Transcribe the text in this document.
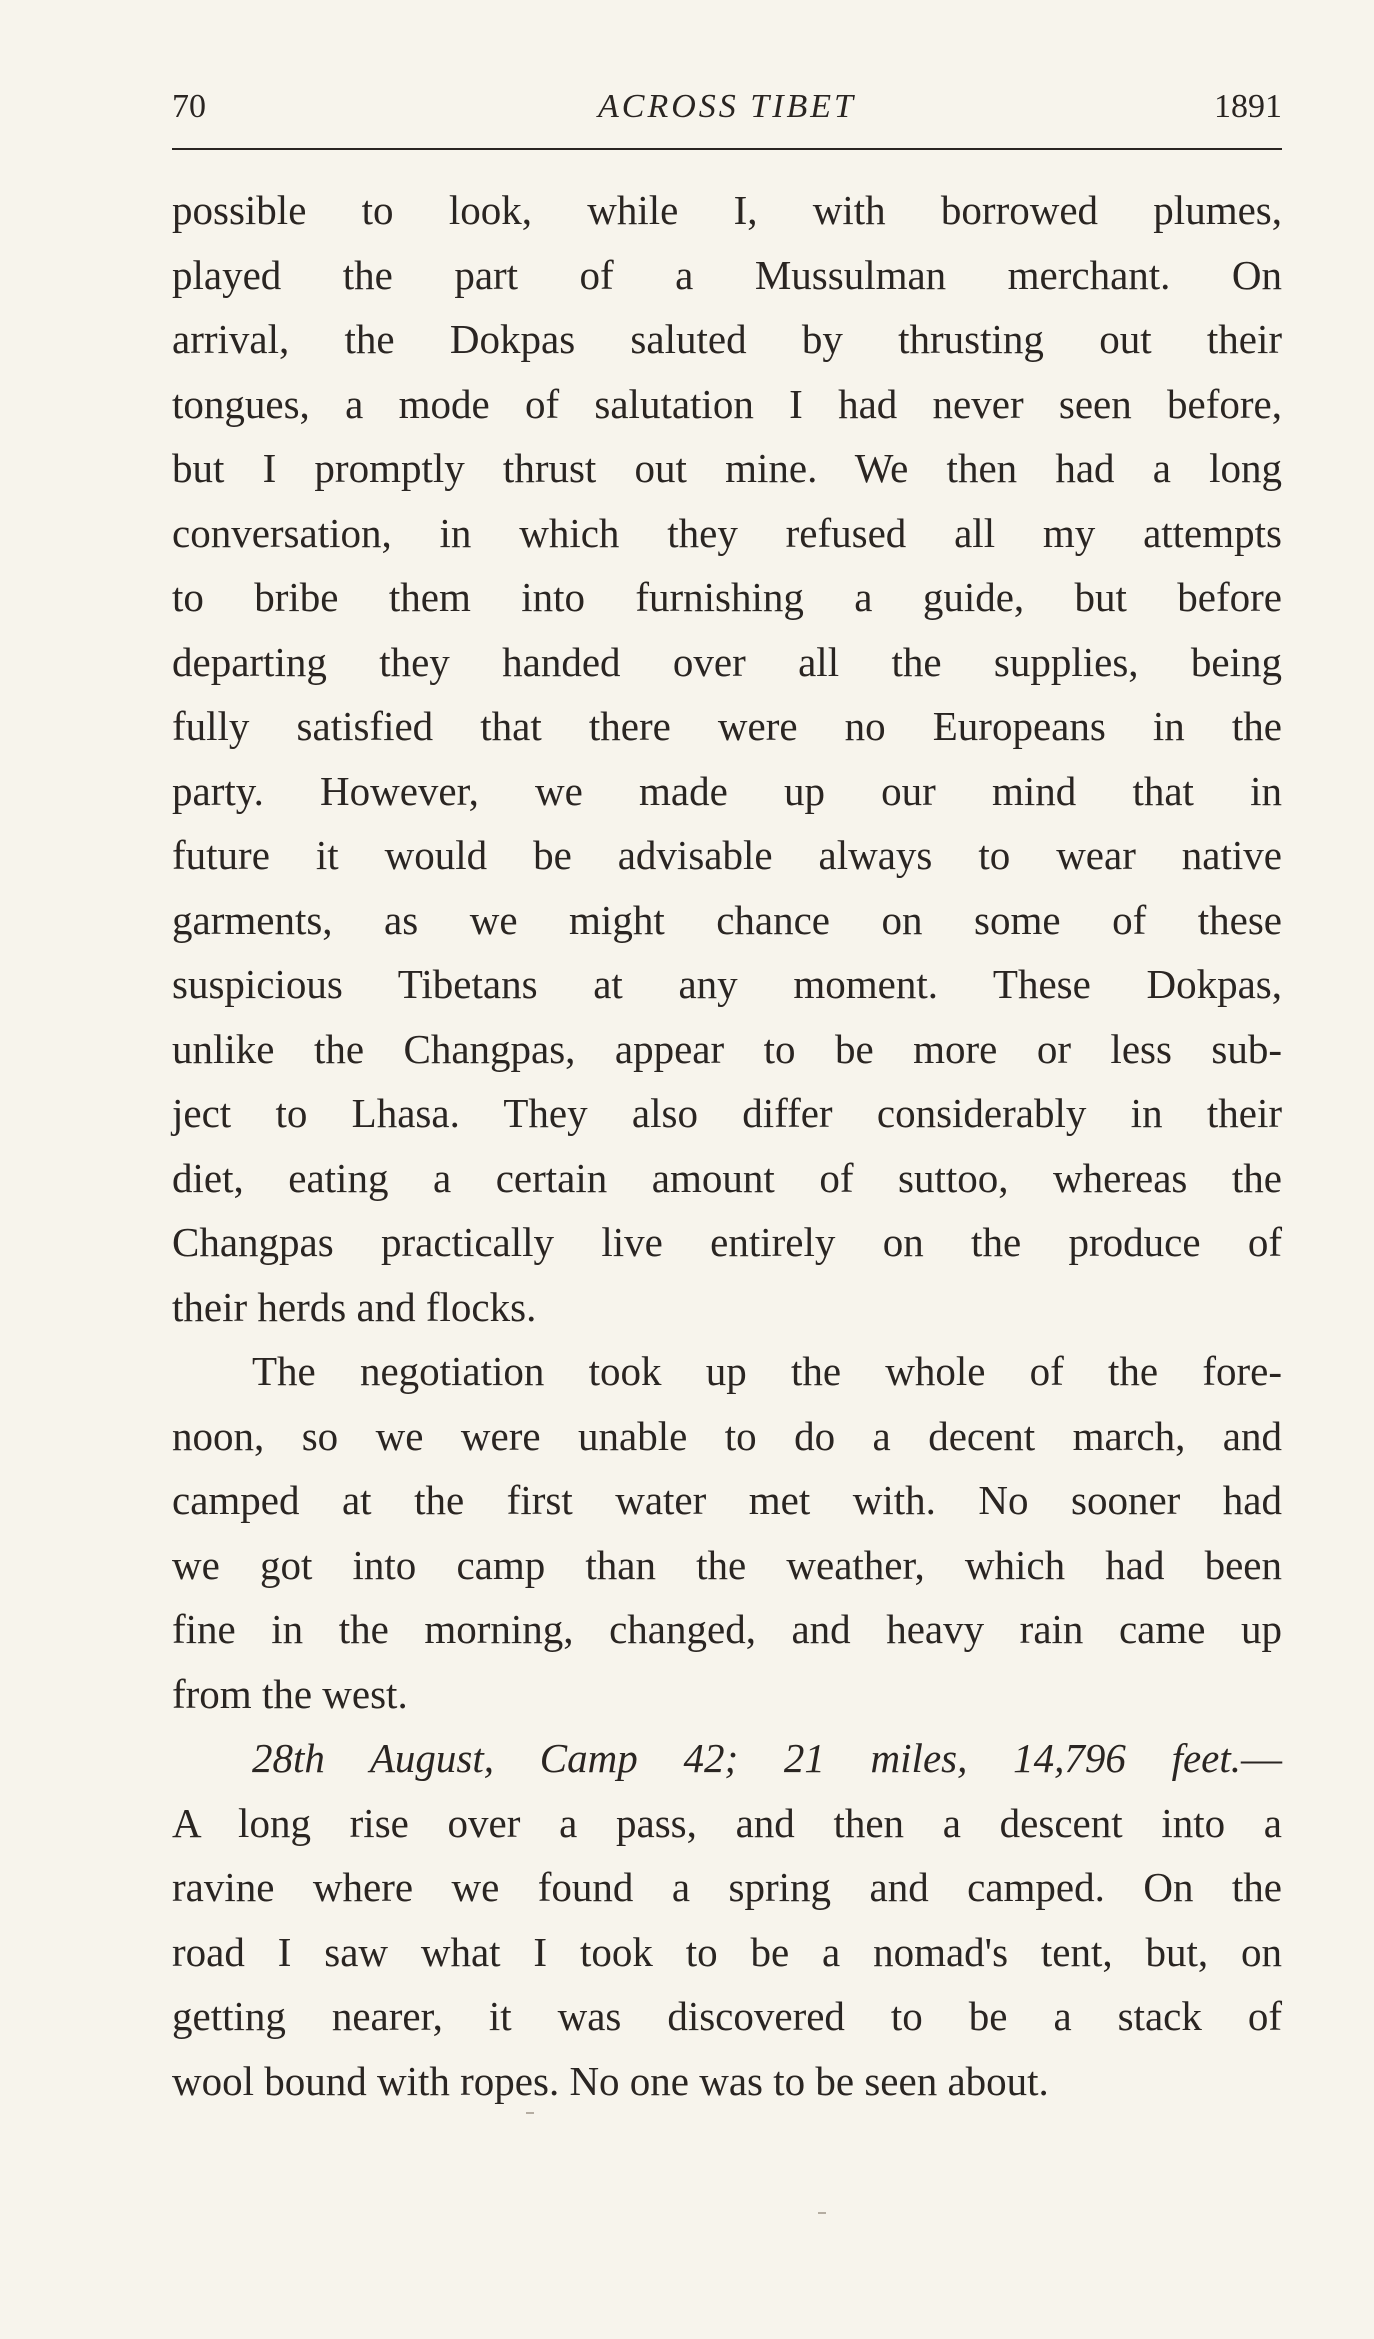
70	ACROSS TIBET	1891
possible to look, while I, with borrowed plumes,
played the part of a Mussulman merchant. On
arrival, the Dokpas saluted by thrusting out their
tongues, a mode of salutation I had never seen before,
but I promptly thrust out mine. We then had a long
conversation, in which they refused all my attempts
to bribe them into furnishing a guide, but before
departing they handed over all the supplies, being
fully satisfied that there were no Europeans in the
party. However, we made up our mind that in
future it would be advisable always to wear native
garments, as we might chance on some of these
suspicious Tibetans at any moment. These Dokpas,
unlike the Changpas, appear to be more or less sub-
ject to Lhasa. They also differ considerably in their
diet, eating a certain amount of suttoo, whereas the
Changpas practically live entirely on the produce of
their herds and flocks.
The negotiation took up the whole of the fore-
noon, so we were unable to do a decent march, and
camped at the first water met with. No sooner had
we got into camp than the weather, which had been
fine in the morning, changed, and heavy rain came up
from the west.
28th August, Camp 42; 21 miles, 14,796 feet.—
A long rise over a pass, and then a descent into a
ravine where we found a spring and camped. On the
road I saw what I took to be a nomad's tent, but, on
getting nearer, it was discovered to be a stack of
wool bound with ropes. No one was to be seen about.
